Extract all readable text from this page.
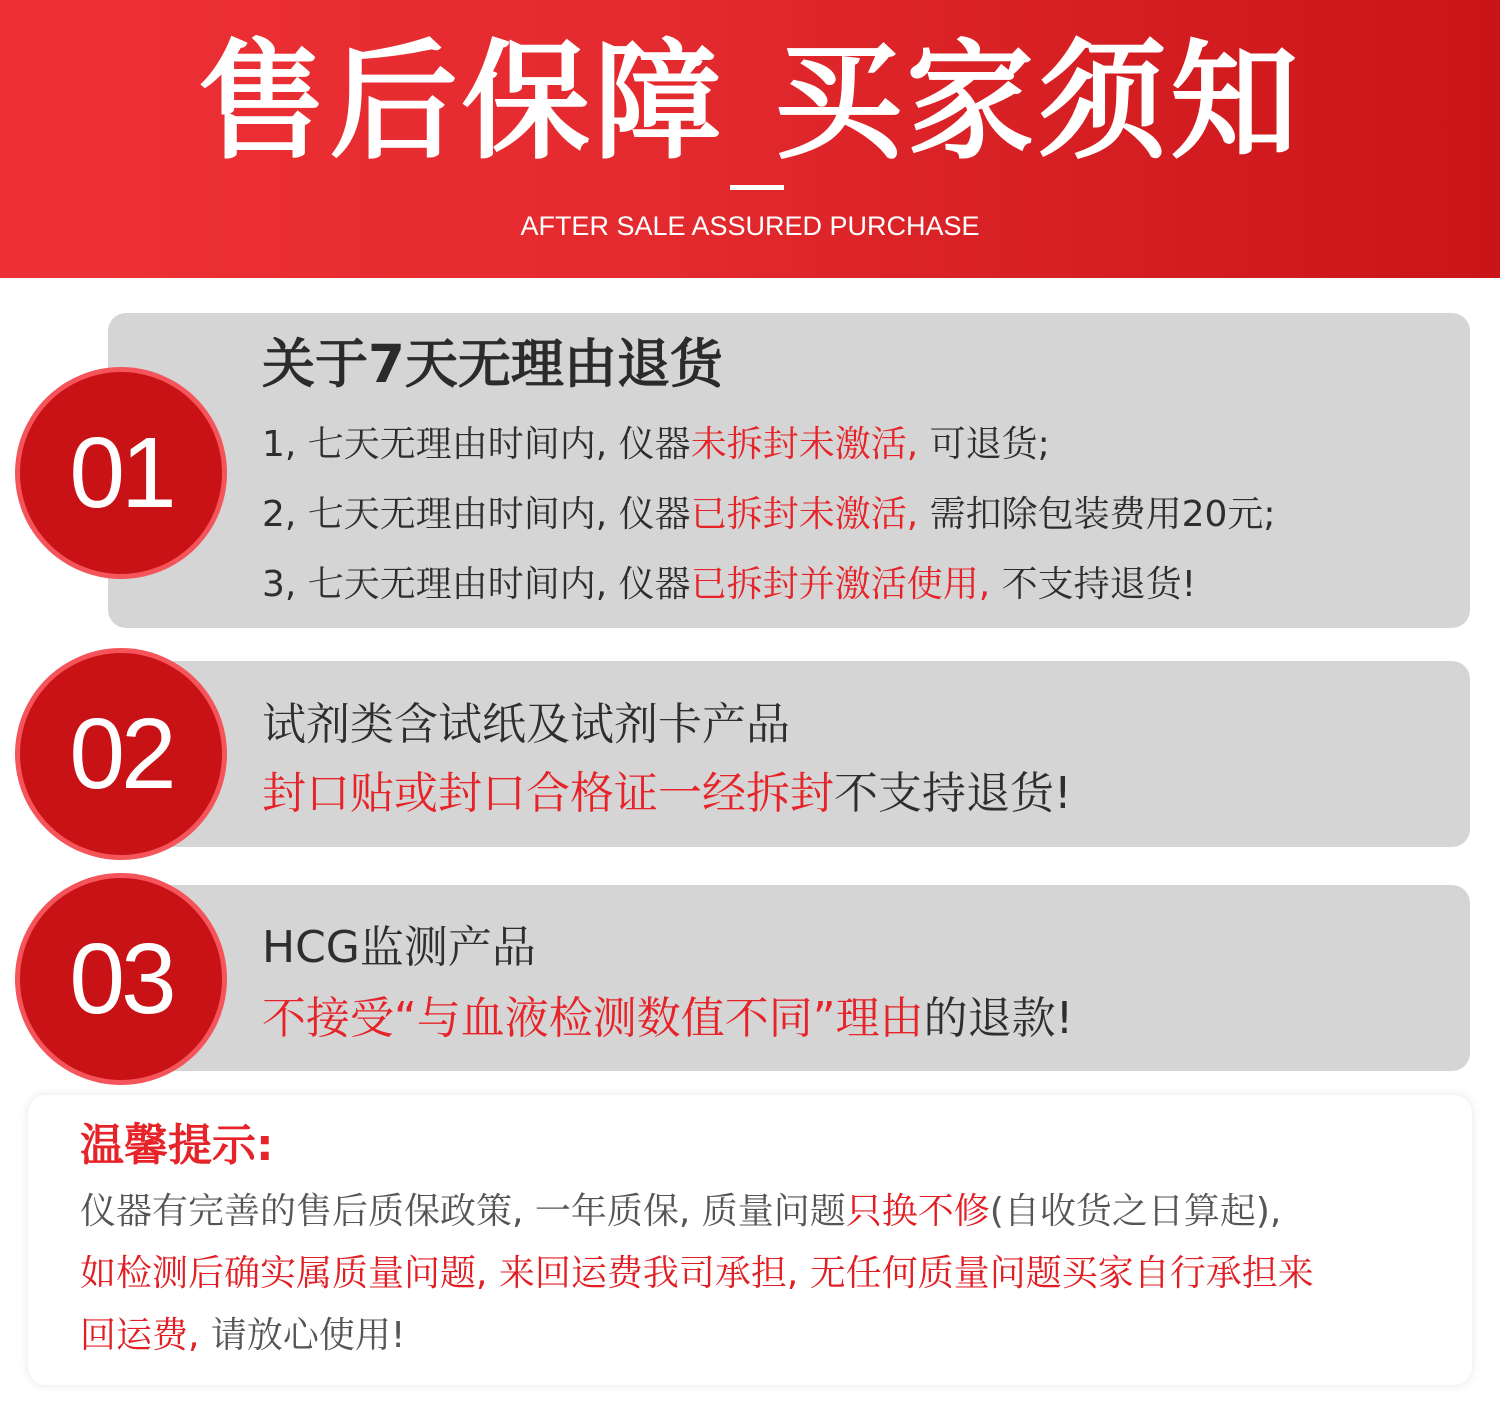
售后保障 买家须知
AFTER SALE ASSURED PURCHASE
01
关于7天无理由退货
1, 七天无理由时间内, 仪器未拆封未激活, 可退货;
2, 七天无理由时间内, 仪器已拆封未激活, 需扣除包装费用20元;
3, 七天无理由时间内, 仪器已拆封并激活使用, 不支持退货!
02	试剂类含试纸及试剂卡产品
封口贴或封口合格证一经拆封不支持退货!
03	HCG监测产品
不接受“与血液检测数值不同”理由的退款!
温馨提示:
仪器有完善的售后质保政策, 一年质保, 质量问题只换不修(自收货之日算起),
如检测后确实属质量问题, 来回运费我司承担, 无任何质量问题买家自行承担来
回运费, 请放心使用!
